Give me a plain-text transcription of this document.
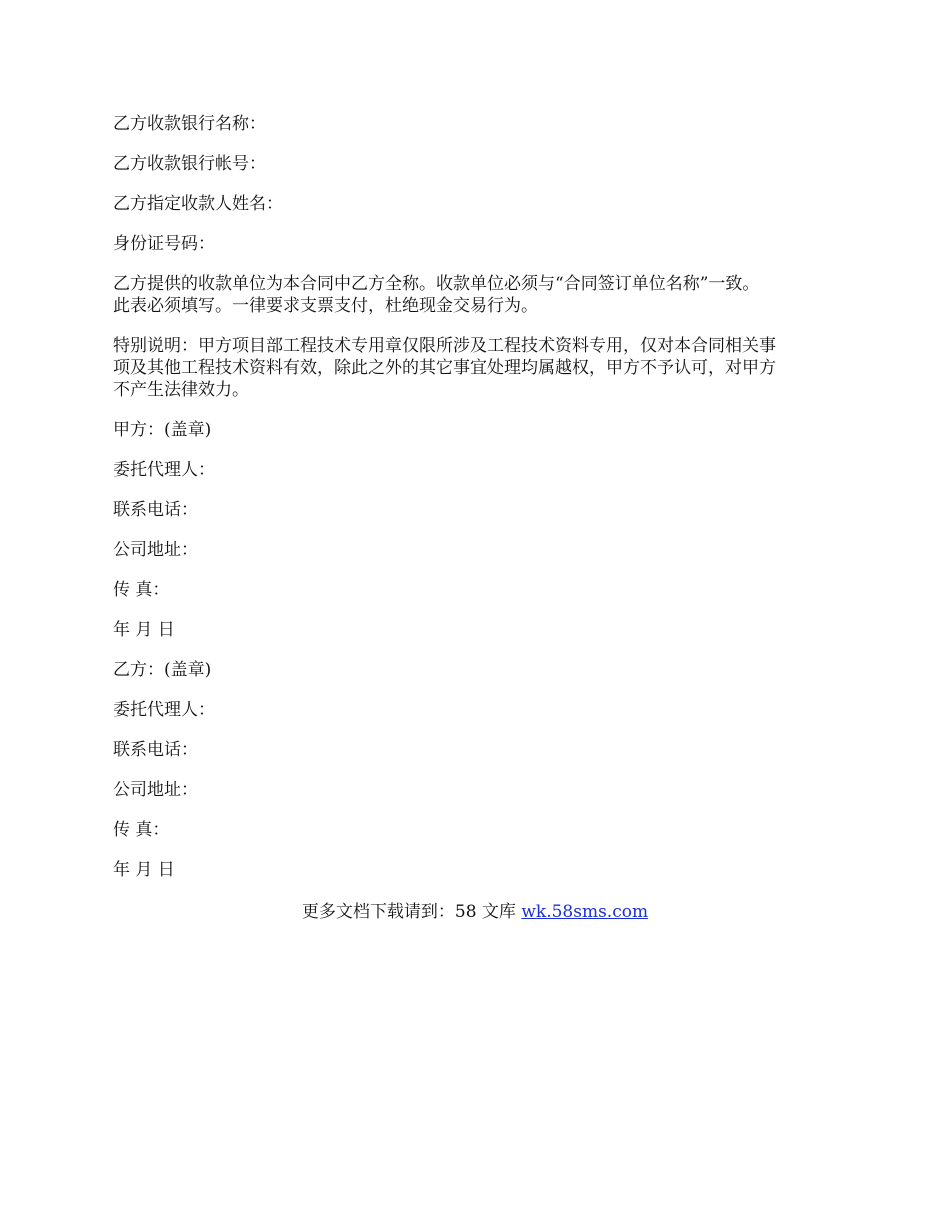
乙方收款银行名称：

乙方收款银行帐号：

乙方指定收款人姓名：

身份证号码：

乙方提供的收款单位为本合同中乙方全称。收款单位必须与“合同签订单位名称”一致。

此表必须填写。一律要求支票支付，杜绝现金交易行为。

特别说明：甲方项目部工程技术专用章仅限所涉及工程技术资料专用，仅对本合同相关事

项及其他工程技术资料有效，除此之外的其它事宜处理均属越权，甲方不予认可，对甲方

不产生法律效力。

甲方：(盖章)

委托代理人：

联系电话：

公司地址：

传 真：

年 月 日

乙方：(盖章)

委托代理人：

联系电话：

公司地址：

传 真：

年 月 日

更多文档下载请到：58 文库 wk.58sms.com
